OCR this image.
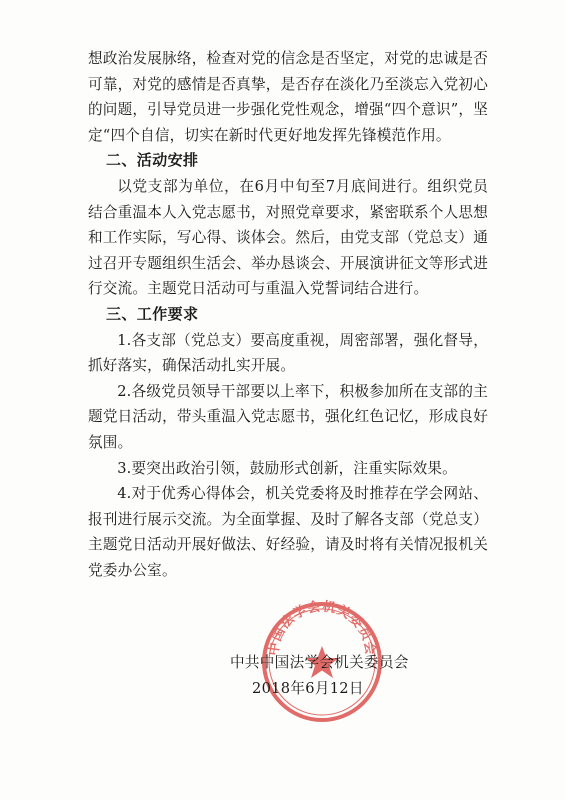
想政治发展脉络，检查对党的信念是否坚定，对党的忠诚是否可靠，对党的感情是否真挚，是否存在淡化乃至淡忘入党初心的问题，引导党员进一步强化党性观念，增强“四个意识”，坚定“四个自信，切实在新时代更好地发挥先锋模范作用。

二、活动安排

以党支部为单位，在6月中旬至7月底间进行。组织党员结合重温本人入党志愿书，对照党章要求，紧密联系个人思想和工作实际，写心得、谈体会。然后，由党支部（党总支）通过召开专题组织生活会、举办恳谈会、开展演讲征文等形式进行交流。主题党日活动可与重温入党誓词结合进行。

三、工作要求

1.各支部（党总支）要高度重视，周密部署，强化督导，抓好落实，确保活动扎实开展。

2.各级党员领导干部要以上率下，积极参加所在支部的主题党日活动，带头重温入党志愿书，强化红色记忆，形成良好氛围。

3.要突出政治引领，鼓励形式创新，注重实际效果。

4.对于优秀心得体会，机关党委将及时推荐在学会网站、报刊进行展示交流。为全面掌握、及时了解各支部（党总支）主题党日活动开展好做法、好经验，请及时将有关情况报机关党委办公室。

中国法学会机关委员会

中共中国法学会机关委员会

2018年6月12日
